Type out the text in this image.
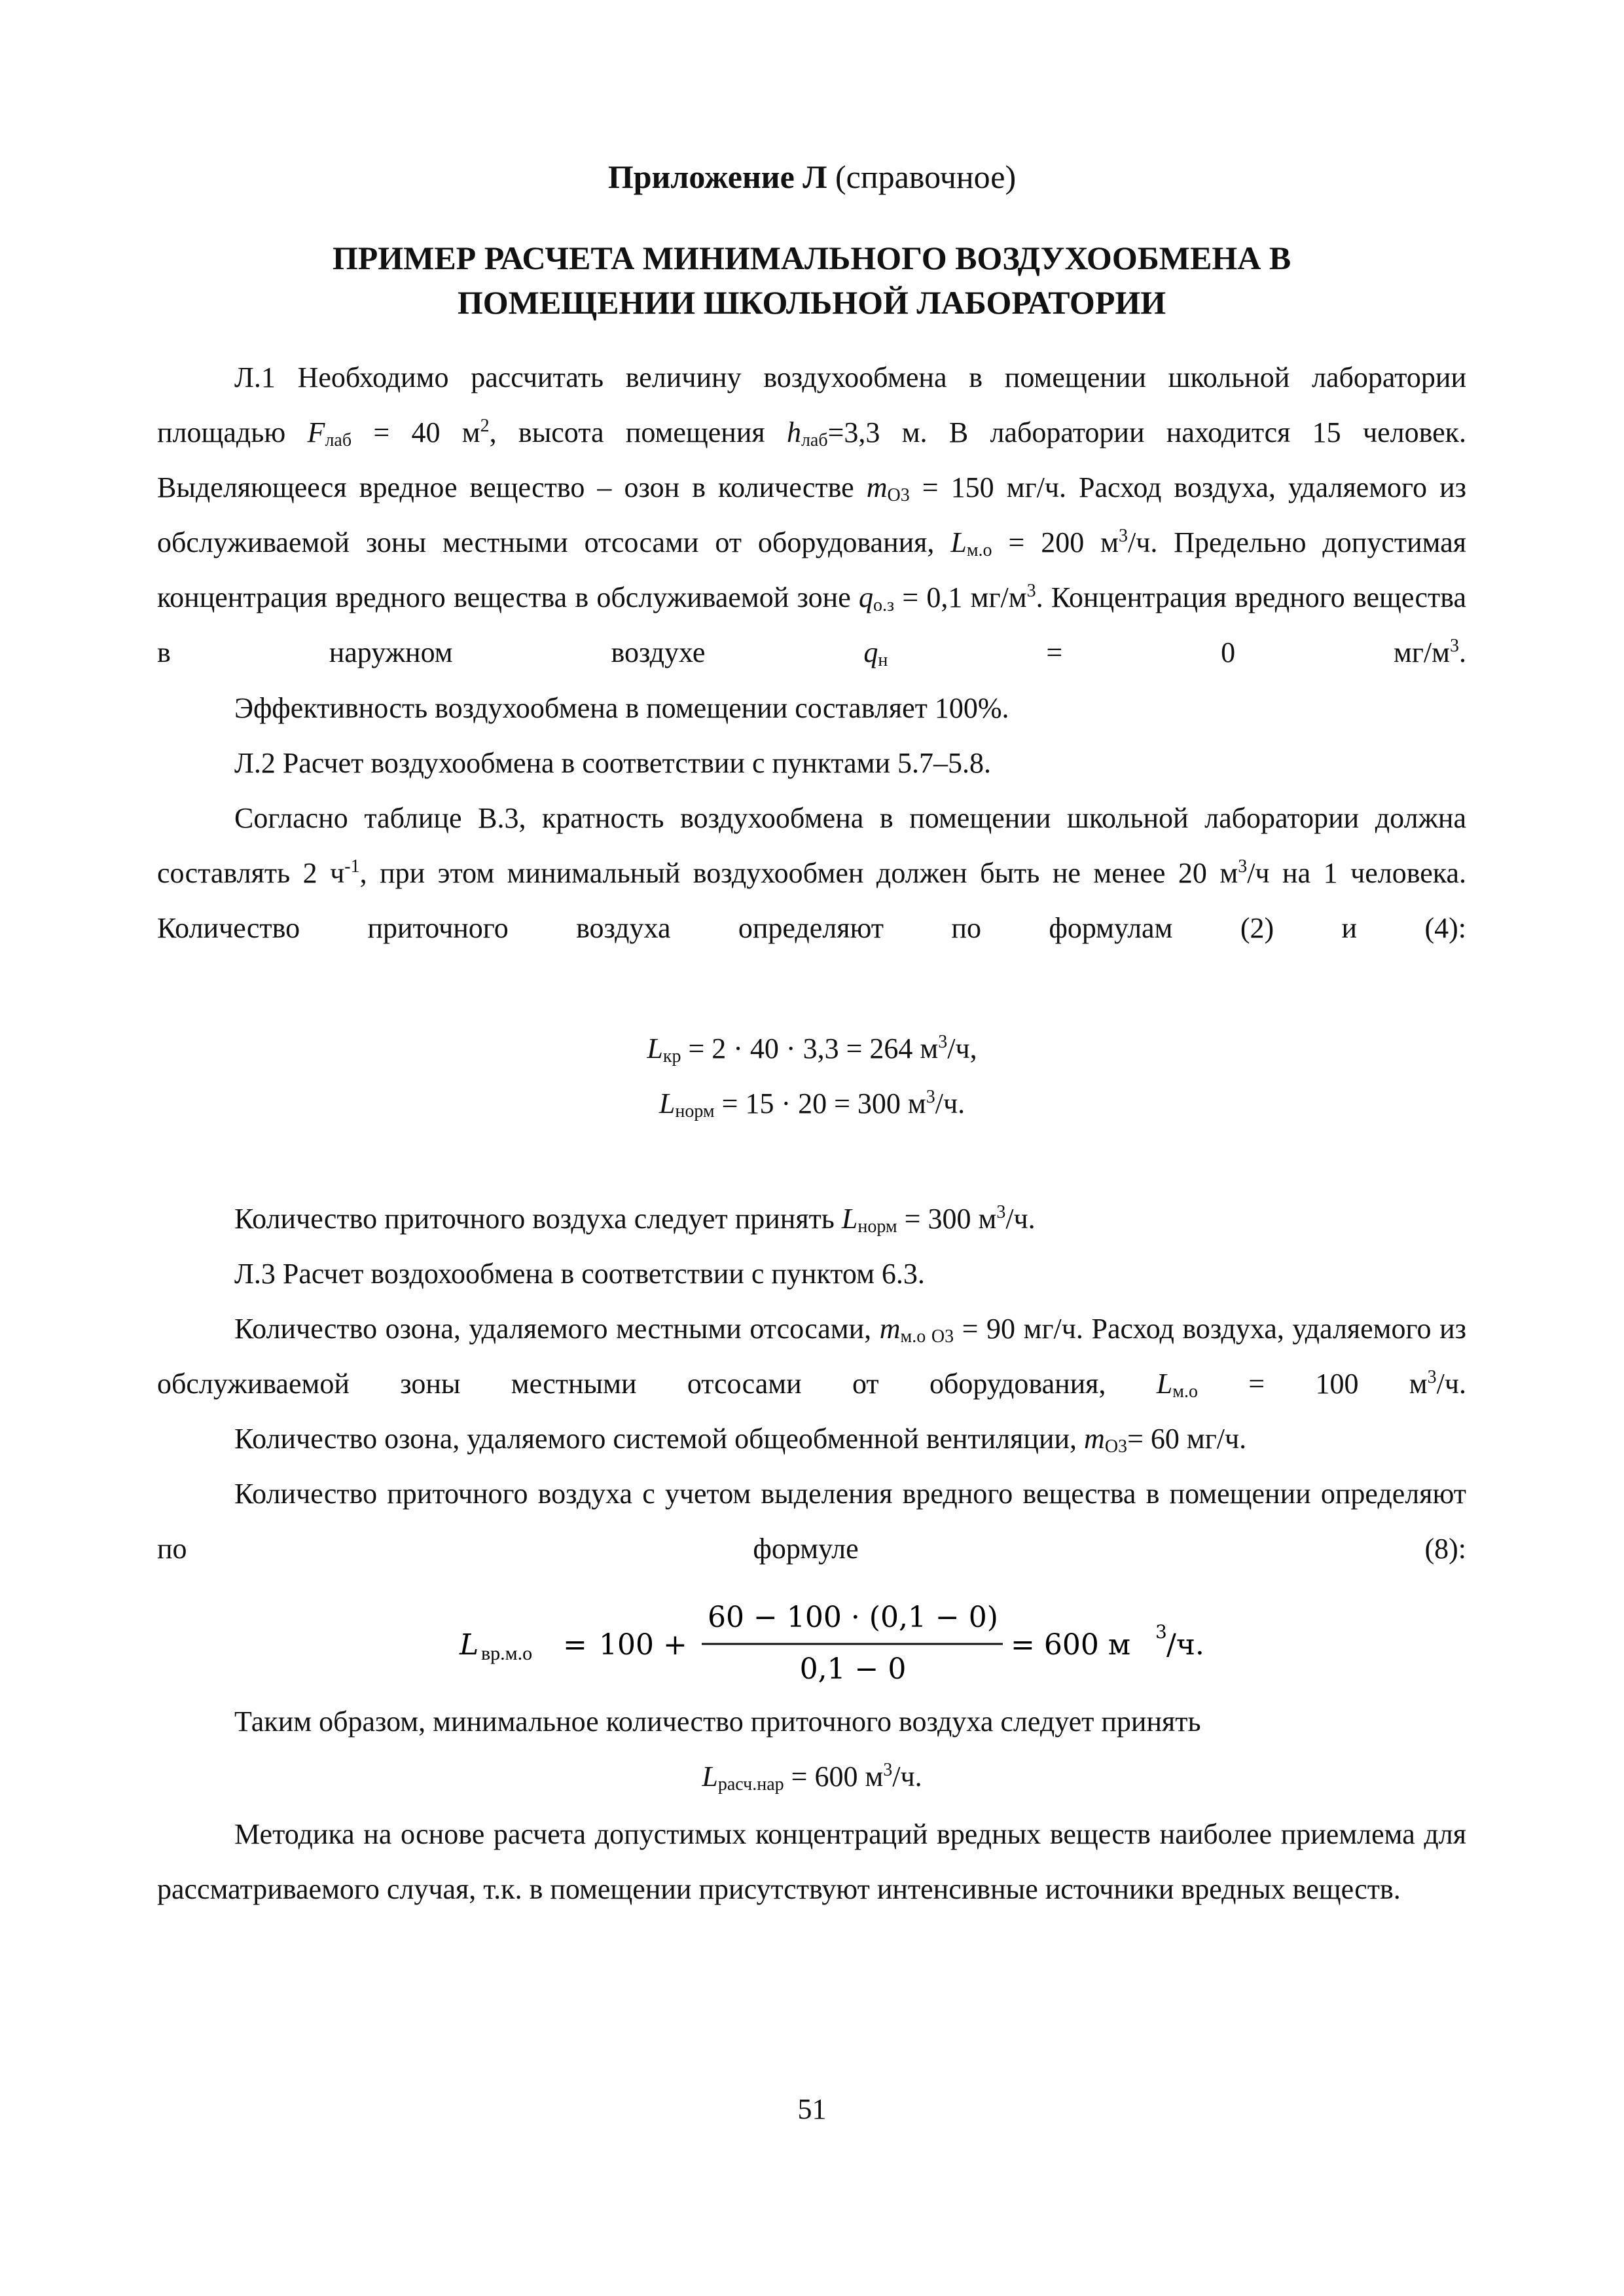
Приложение Л (справочное)
ПРИМЕР РАСЧЕТА МИНИМАЛЬНОГО ВОЗДУХООБМЕНА В
ПОМЕЩЕНИИ ШКОЛЬНОЙ ЛАБОРАТОРИИ
Л.1 Необходимо рассчитать величину воздухообмена в помещении школьной лаборатории площадью $F_{лаб} = 40$ $м^2$, высота помещения $h_{лаб}=3,3$ м. В лаборатории находится 15 человек. Выделяющееся вредное вещество – озон в количестве $m_{O3} = 150$ мг/ч. Расход воздуха, удаляемого из обслуживаемой зоны местными отсосами от оборудования, $L_{м.о} = 200$ $м^3/ч$. Предельно допустимая концентрация вредного вещества в обслуживаемой зоне $q_{о.з} = 0,1$ $мг/м^3$. Концентрация вредного вещества в наружном воздухе $q_н = 0$ $мг/м^3$.
Эффективность воздухообмена в помещении составляет 100%.
Л.2 Расчет воздухообмена в соответствии с пунктами 5.7–5.8.
Согласно таблице В.3, кратность воздухообмена в помещении школьной лаборатории должна составлять 2 $ч^{-1}$, при этом минимальный воздухообмен должен быть не менее 20 $м^3/ч$ на 1 человека. Количество приточного воздуха определяют по формулам (2) и (4):
$L_{кр} = 2 \cdot 40 \cdot 3,3 = 264$ $м^3/ч$,
$L_{норм} = 15 \cdot 20 = 300$ $м^3/ч$.
Количество приточного воздуха следует принять $L_{норм} = 300$ $м^3/ч$.
Л.3 Расчет воздохообмена в соответствии с пунктом 6.3.
Количество озона, удаляемого местными отсосами, $m_{м.о O3} = 90$ мг/ч. Расход воздуха, удаляемого из обслуживаемой зоны местными отсосами от оборудования, $L_{м.о} = 100$ $м^3/ч$.
Количество озона, удаляемого системой общеобменной вентиляции, $m_{O3}= 60$ мг/ч.
Количество приточного воздуха с учетом выделения вредного вещества в помещении определяют по формуле (8):
L вр.м.о = 100 +
60 − 100 · (0,1 − 0)
0,1 − 0
= 600 м 3 /ч.
Таким образом, минимальное количество приточного воздуха следует принять
$L_{расч.нар} = 600$ $м^3/ч$.
Методика на основе расчета допустимых концентраций вредных веществ наиболее приемлема для рассматриваемого случая, т.к. в помещении присутствуют интенсивные источники вредных веществ.
51
